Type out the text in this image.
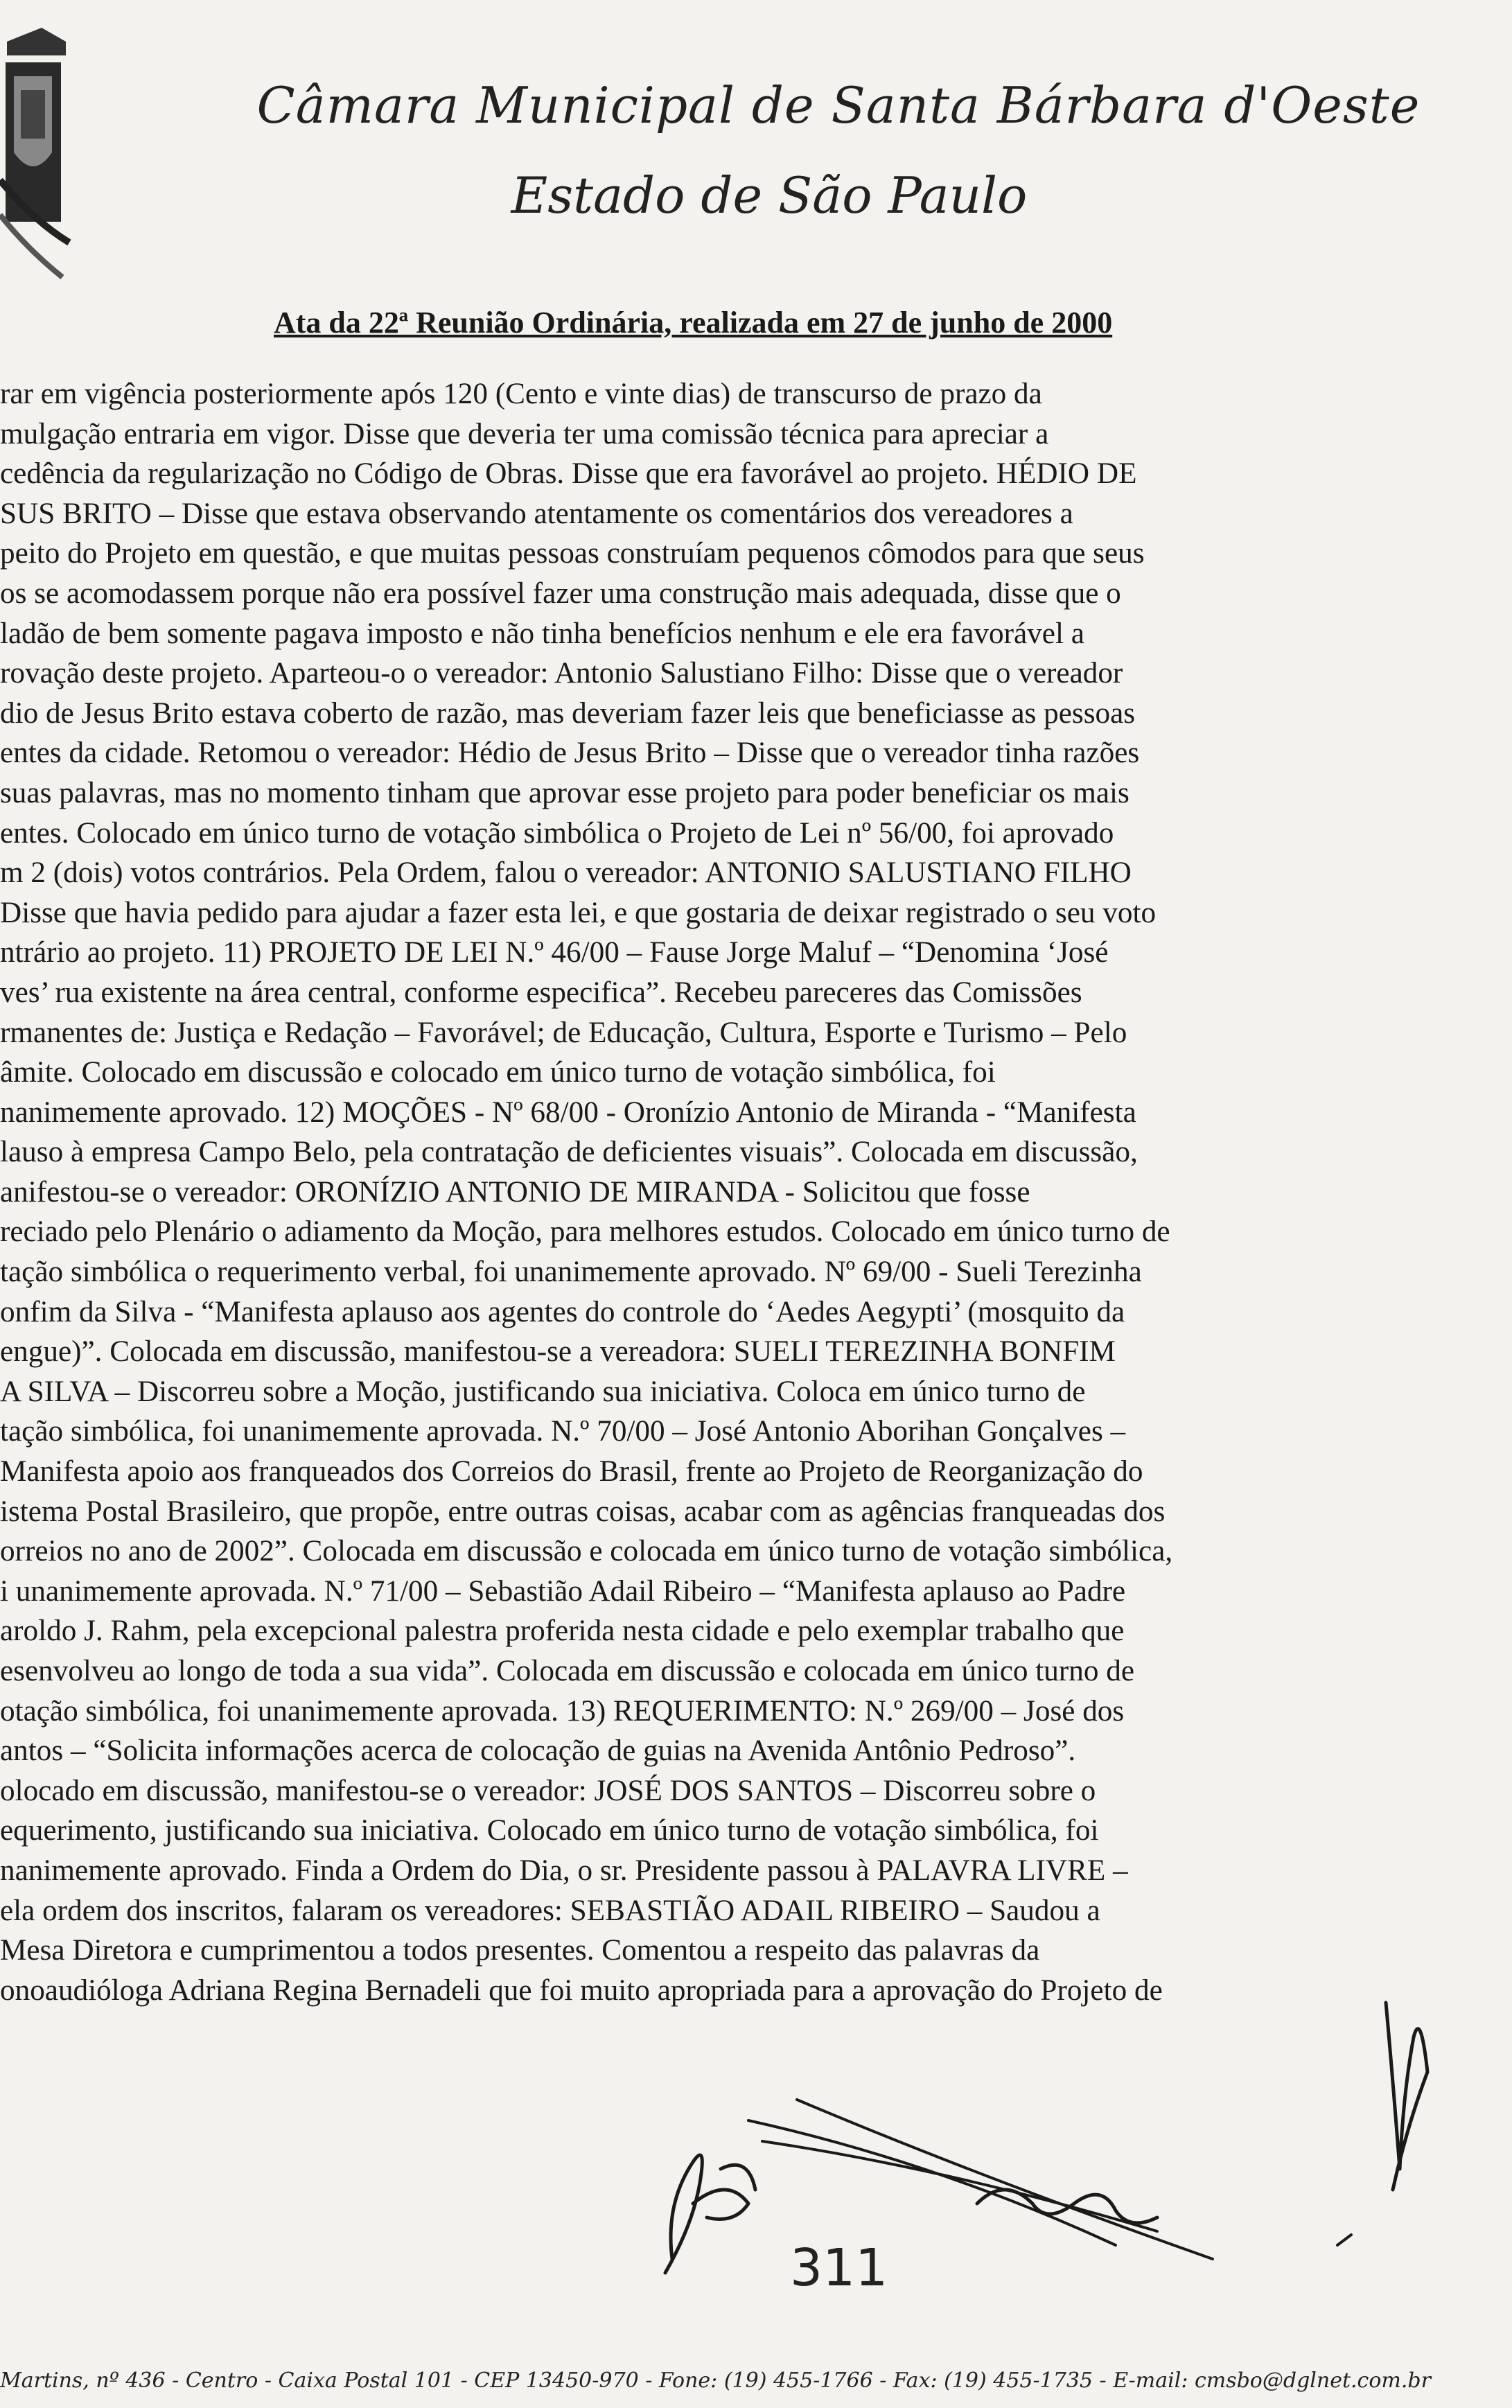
Câmara Municipal de Santa Bárbara d'Oeste
Estado de São Paulo
Ata da 22ª Reunião Ordinária, realizada em 27 de junho de 2000

rar em vigência posteriormente após 120 (Cento e vinte dias) de transcurso de prazo da

mulgação entraria em vigor. Disse que deveria ter uma comissão técnica para apreciar a

cedência da regularização no Código de Obras. Disse que era favorável ao projeto. HÉDIO DE

SUS BRITO – Disse que estava observando atentamente os comentários dos vereadores a

peito do Projeto em questão, e que muitas pessoas construíam pequenos cômodos para que seus

os se acomodassem porque não era possível fazer uma construção mais adequada, disse que o

ladão de bem somente pagava imposto e não tinha benefícios nenhum e ele era favorável a

rovação deste projeto. Aparteou-o o vereador: Antonio Salustiano Filho: Disse que o vereador

dio de Jesus Brito estava coberto de razão, mas deveriam fazer leis que beneficiasse as pessoas

entes da cidade. Retomou o vereador: Hédio de Jesus Brito – Disse que o vereador tinha razões

suas palavras, mas no momento tinham que aprovar esse projeto para poder beneficiar os mais

entes. Colocado em único turno de votação simbólica o Projeto de Lei nº 56/00, foi aprovado

m 2 (dois) votos contrários. Pela Ordem, falou o vereador: ANTONIO SALUSTIANO FILHO

Disse que havia pedido para ajudar a fazer esta lei, e que gostaria de deixar registrado o seu voto

ntrário ao projeto. 11) PROJETO DE LEI N.º 46/00 – Fause Jorge Maluf – “Denomina ‘José

ves’ rua existente na área central, conforme especifica”. Recebeu pareceres das Comissões

rmanentes de: Justiça e Redação – Favorável; de Educação, Cultura, Esporte e Turismo – Pelo

âmite. Colocado em discussão e colocado em único turno de votação simbólica, foi

nanimemente aprovado. 12) MOÇÕES - Nº 68/00 - Oronízio Antonio de Miranda - “Manifesta

lauso à empresa Campo Belo, pela contratação de deficientes visuais”. Colocada em discussão,

anifestou-se o vereador: ORONÍZIO ANTONIO DE MIRANDA - Solicitou que fosse

reciado pelo Plenário o adiamento da Moção, para melhores estudos. Colocado em único turno de

tação simbólica o requerimento verbal, foi unanimemente aprovado. Nº 69/00 - Sueli Terezinha

onfim da Silva - “Manifesta aplauso aos agentes do controle do ‘Aedes Aegypti’ (mosquito da

engue)”. Colocada em discussão, manifestou-se a vereadora: SUELI TEREZINHA BONFIM

A SILVA – Discorreu sobre a Moção, justificando sua iniciativa. Coloca em único turno de

tação simbólica, foi unanimemente aprovada. N.º 70/00 – José Antonio Aborihan Gonçalves –

Manifesta apoio aos franqueados dos Correios do Brasil, frente ao Projeto de Reorganização do

istema Postal Brasileiro, que propõe, entre outras coisas, acabar com as agências franqueadas dos

orreios no ano de 2002”. Colocada em discussão e colocada em único turno de votação simbólica,

i unanimemente aprovada. N.º 71/00 – Sebastião Adail Ribeiro – “Manifesta aplauso ao Padre

aroldo J. Rahm, pela excepcional palestra proferida nesta cidade e pelo exemplar trabalho que

esenvolveu ao longo de toda a sua vida”. Colocada em discussão e colocada em único turno de

otação simbólica, foi unanimemente aprovada. 13) REQUERIMENTO: N.º 269/00 – José dos

antos – “Solicita informações acerca de colocação de guias na Avenida Antônio Pedroso”.

olocado em discussão, manifestou-se o vereador: JOSÉ DOS SANTOS – Discorreu sobre o

equerimento, justificando sua iniciativa. Colocado em único turno de votação simbólica, foi

nanimemente aprovado. Finda a Ordem do Dia, o sr. Presidente passou à PALAVRA LIVRE –

ela ordem dos inscritos, falaram os vereadores: SEBASTIÃO ADAIL RIBEIRO – Saudou a

Mesa Diretora e cumprimentou a todos presentes. Comentou a respeito das palavras da

onoaudióloga Adriana Regina Bernadeli que foi muito apropriada para a aprovação do Projeto de

311
Martins, nº 436 - Centro - Caixa Postal 101 - CEP 13450-970 - Fone: (19) 455-1766 - Fax: (19) 455-1735 - E-mail: cmsbo@dglnet.com.br
